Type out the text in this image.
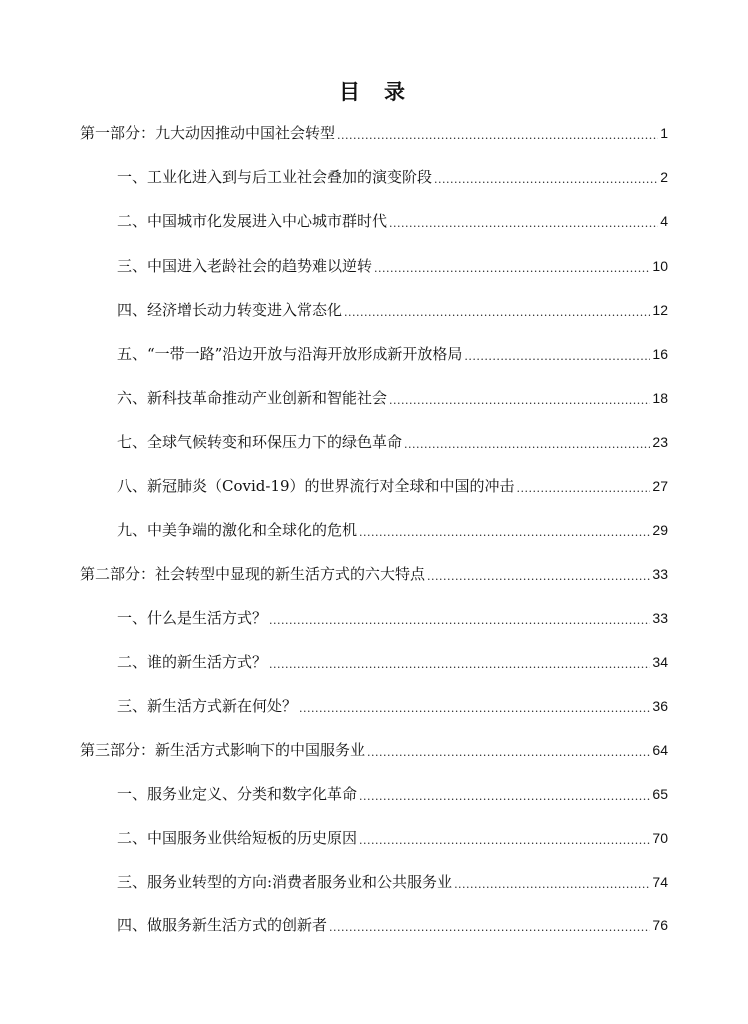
目 录
第一部分：九大动因推动中国社会转型 .....	1
一、工业化进入到与后工业社会叠加的演变阶段 .....	2
二、中国城市化发展进入中心城市群时代 .....	4
三、中国进入老龄社会的趋势难以逆转 .....	10
四、经济增长动力转变进入常态化 .....	12
五、“一带一路”沿边开放与沿海开放形成新开放格局 .....	16
六、新科技革命推动产业创新和智能社会 .....	18
七、全球气候转变和环保压力下的绿色革命 .....	23
八、新冠肺炎（Covid-19）的世界流行对全球和中国的冲击 .....	27
九、中美争端的激化和全球化的危机 .....	29
第二部分：社会转型中显现的新生活方式的六大特点 .....	33
一、什么是生活方式？ .....	33
二、谁的新生活方式？ .....	34
三、新生活方式新在何处？ .....	36
第三部分：新生活方式影响下的中国服务业 .....	64
一、服务业定义、分类和数字化革命 .....	65
二、中国服务业供给短板的历史原因 .....	70
三、服务业转型的方向:消费者服务业和公共服务业 .....	74
四、做服务新生活方式的创新者 .....	76
